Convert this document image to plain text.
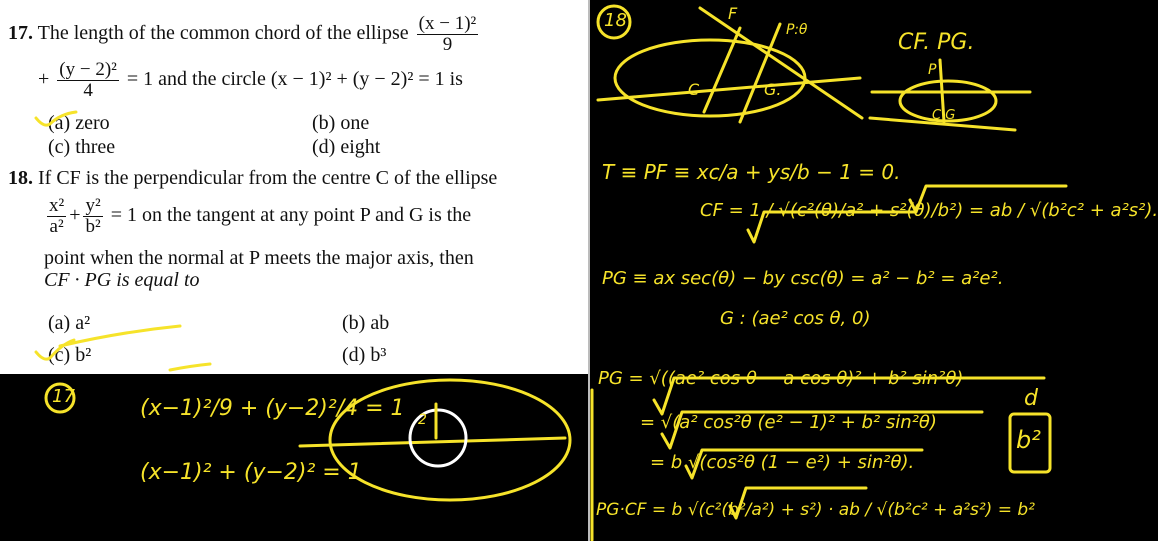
17. The length of the common chord of the ellipse $\frac{\text{(x − 1)²}}{9}$
+ $\frac{\text{(y − 2)²}}{4} = 1$ and the circle (x − 1)² + (y − 2)² = 1 is
(a) zero	(b) one
(c) three	(d) eight
18. If CF is the perpendicular from the centre C of the ellipse
$\frac{\text{x²}}{\text{a²}} + \frac{\text{y²}}{\text{b²}} = 1$ on the tangent at any point P and G is the
point when the normal at P meets the major axis, then
CF · PG is equal to
(a) a²	(b) ab
(c) b²	(d) b³
17
18
(x−1)²/9 + (y−2)²/4 = 1
(x−1)² + (y−2)² = 1
2
F
P:θ
C	G.
CF. PG.
P
C G
T ≡ PF ≡ xc/a + ys/b − 1 = 0.
CF = 1 / √(c²(θ)/a² + s²(θ)/b²) = ab / √(b²c² + a²s²).
PG ≡ ax sec(θ) − by csc(θ) = a² − b² = a²e².
G : (ae² cos θ, 0)
PG = √((ae² cos θ − a cos θ)² + b² sin²θ)
= √(a² cos²θ (e² − 1)² + b² sin²θ)
= b √(cos²θ (1 − e²) + sin²θ).
PG·CF = b √(c²(b²/a²) + s²) · ab / √(b²c² + a²s²) = b²
d
b²
